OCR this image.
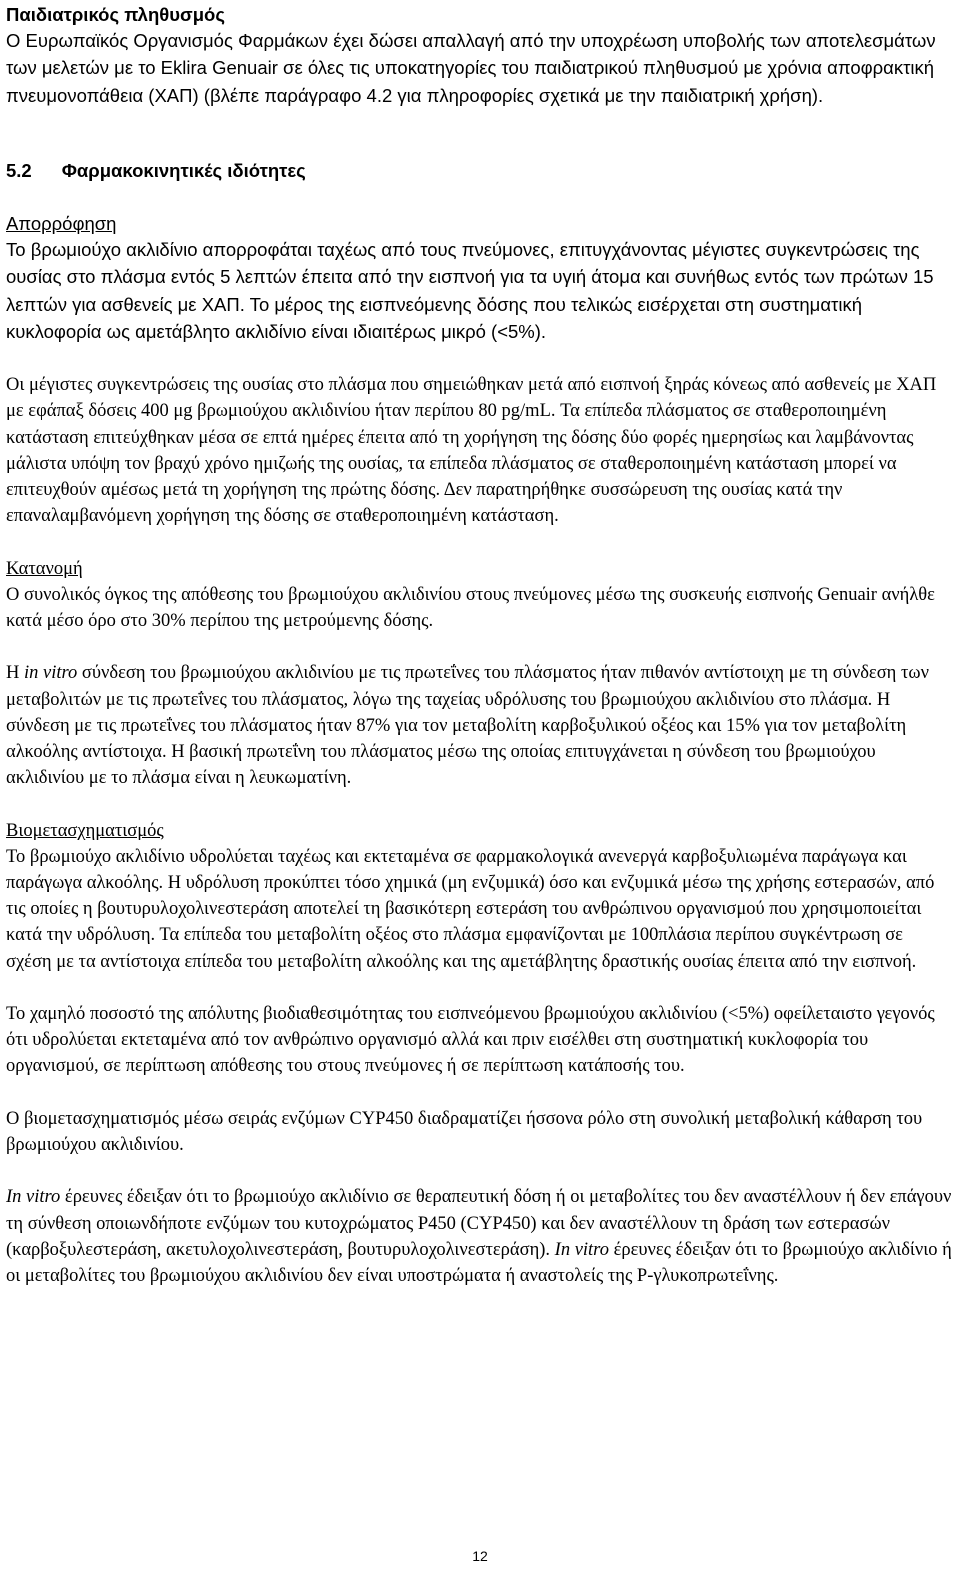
Παιδιατρικός πληθυσμός
Ο Ευρωπαϊκός Οργανισμός Φαρμάκων έχει δώσει απαλλαγή από την υποχρέωση υποβολής των αποτελεσμάτων των μελετών με το Eklira Genuair σε όλες τις υποκατηγορίες του παιδιατρικού πληθυσμού με χρόνια αποφρακτική πνευμονοπάθεια (ΧΑΠ) (βλέπε παράγραφο 4.2 για πληροφορίες σχετικά με την παιδιατρική χρήση).
5.2 Φαρμακοκινητικές ιδιότητες

Απορρόφηση
Το βρωμιούχο ακλιδίνιο απορροφάται ταχέως από τους πνεύμονες, επιτυγχάνοντας μέγιστες συγκεντρώσεις της ουσίας στο πλάσμα εντός 5 λεπτών έπειτα από την εισπνοή για τα υγιή άτομα και συνήθως εντός των πρώτων 15 λεπτών για ασθενείς με ΧΑΠ. Το μέρος της εισπνεόμενης δόσης που τελικώς εισέρχεται στη συστηματική κυκλοφορία ως αμετάβλητο ακλιδίνιο είναι ιδιαιτέρως μικρό (<5%).

Οι μέγιστες συγκεντρώσεις της ουσίας στο πλάσμα που σημειώθηκαν μετά από εισπνοή ξηράς κόνεως από ασθενείς με ΧΑΠ με εφάπαξ δόσεις 400 μg βρωμιούχου ακλιδινίου ήταν περίπου 80 pg/mL. Τα επίπεδα πλάσματος σε σταθεροποιημένη κατάσταση επιτεύχθηκαν μέσα σε επτά ημέρες έπειτα από τη χορήγηση της δόσης δύο φορές ημερησίως και λαμβάνοντας μάλιστα υπόψη τον βραχύ χρόνο ημιζωής της ουσίας, τα επίπεδα πλάσματος σε σταθεροποιημένη κατάσταση μπορεί να επιτευχθούν αμέσως μετά τη χορήγηση της πρώτης δόσης. Δεν παρατηρήθηκε συσσώρευση της ουσίας κατά την επαναλαμβανόμενη χορήγηση της δόσης σε σταθεροποιημένη κατάσταση.

Κατανομή
Ο συνολικός όγκος της απόθεσης του βρωμιούχου ακλιδινίου στους πνεύμονες μέσω της συσκευής εισπνοής Genuair ανήλθε κατά μέσο όρο στο 30% περίπου της μετρούμενης δόσης.

Η in vitro σύνδεση του βρωμιούχου ακλιδινίου με τις πρωτεΐνες του πλάσματος ήταν πιθανόν αντίστοιχη με τη σύνδεση των μεταβολιτών με τις πρωτεΐνες του πλάσματος, λόγω της ταχείας υδρόλυσης του βρωμιούχου ακλιδινίου στο πλάσμα. Η σύνδεση με τις πρωτεΐνες του πλάσματος ήταν 87% για τον μεταβολίτη καρβοξυλικού οξέος και 15% για τον μεταβολίτη αλκοόλης αντίστοιχα. Η βασική πρωτεΐνη του πλάσματος μέσω της οποίας επιτυγχάνεται η σύνδεση του βρωμιούχου ακλιδινίου με το πλάσμα είναι η λευκωματίνη.

Βιομετασχηματισμός
Το βρωμιούχο ακλιδίνιο υδρολύεται ταχέως και εκτεταμένα σε φαρμακολογικά ανενεργά καρβοξυλιωμένα παράγωγα και παράγωγα αλκοόλης. Η υδρόλυση προκύπτει τόσο χημικά (μη ενζυμικά) όσο και ενζυμικά μέσω της χρήσης εστερασών, από τις οποίες η βουτυρυλοχολινεστεράση αποτελεί τη βασικότερη εστεράση του ανθρώπινου οργανισμού που χρησιμοποιείται κατά την υδρόλυση. Τα επίπεδα του μεταβολίτη οξέος στο πλάσμα εμφανίζονται με 100πλάσια περίπου συγκέντρωση σε σχέση με τα αντίστοιχα επίπεδα του μεταβολίτη αλκοόλης και της αμετάβλητης δραστικής ουσίας έπειτα από την εισπνοή.

Το χαμηλό ποσοστό της απόλυτης βιοδιαθεσιμότητας του εισπνεόμενου βρωμιούχου ακλιδινίου (<5%) οφείλεταιστο γεγονός ότι υδρολύεται εκτεταμένα από τον ανθρώπινο οργανισμό αλλά και πριν εισέλθει στη συστηματική κυκλοφορία του οργανισμού, σε περίπτωση απόθεσης του στους πνεύμονες ή σε περίπτωση κατάποσής του.

Ο βιομετασχηματισμός μέσω σειράς ενζύμων CYP450 διαδραματίζει ήσσονα ρόλο στη συνολική μεταβολική κάθαρση του βρωμιούχου ακλιδινίου.

In vitro έρευνες έδειξαν ότι το βρωμιούχο ακλιδίνιο σε θεραπευτική δόση ή οι μεταβολίτες του δεν αναστέλλουν ή δεν επάγουν τη σύνθεση οποιωνδήποτε ενζύμων του κυτοχρώματος P450 (CYP450) και δεν αναστέλλουν τη δράση των εστερασών (καρβοξυλεστεράση, ακετυλοχολινεστεράση, βουτυρυλοχολινεστεράση). In vitro έρευνες έδειξαν ότι το βρωμιούχο ακλιδίνιο ή οι μεταβολίτες του βρωμιούχου ακλιδινίου δεν είναι υποστρώματα ή αναστολείς της P-γλυκοπρωτεΐνης.

12
